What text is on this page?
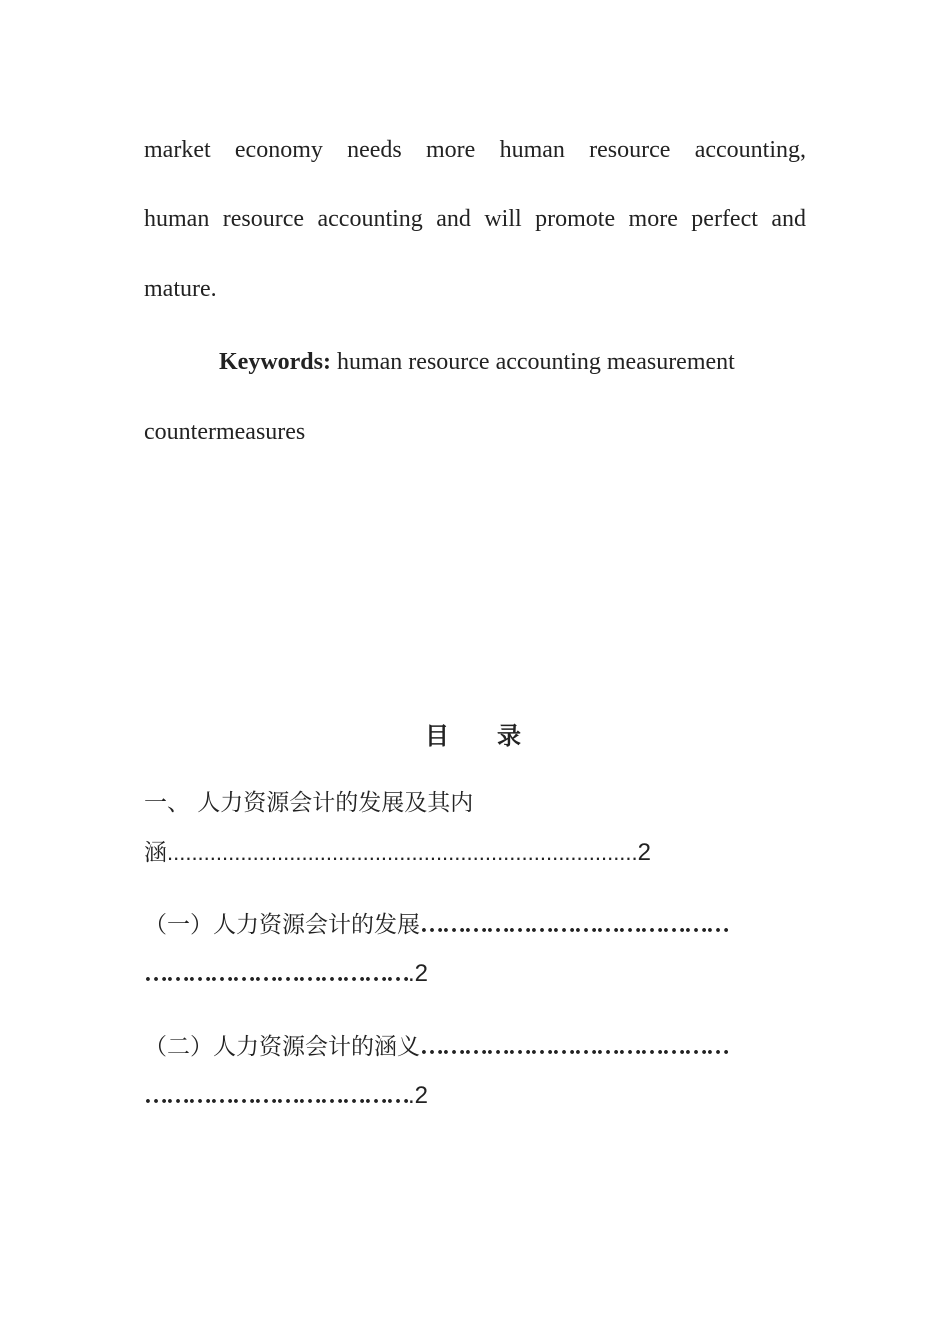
market economy needs more human resource accounting,
human resource accounting and will promote more perfect and
mature.
Keywords: human resource accounting measurement
countermeasures
目　　录
一、 人力资源会计的发展及其内
涵.............................................................................2
（一）人力资源会计的发展……………………………………
……………………………….2
（二）人力资源会计的涵义……………………………………
……………………………….2
